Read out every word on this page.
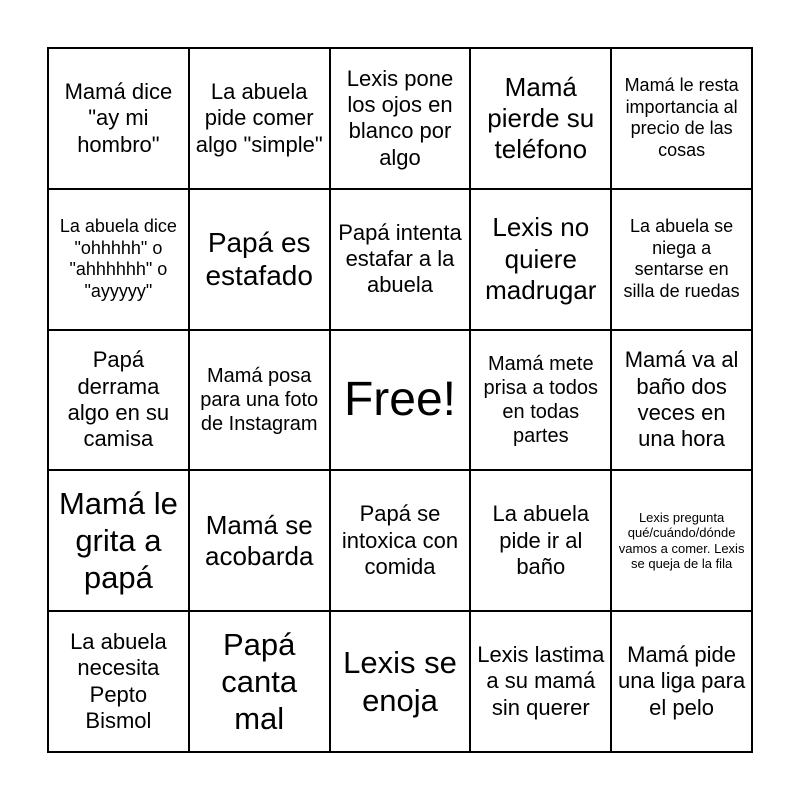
Mamá dice "ay mi hombro"
La abuela pide comer algo "simple"
Lexis pone los ojos en blanco por algo
Mamá pierde su teléfono
Mamá le resta importancia al precio de las cosas
La abuela dice "ohhhhh" o "ahhhhhh" o "ayyyyy"
Papá es estafado
Papá intenta estafar a la abuela
Lexis no quiere madrugar
La abuela se niega a sentarse en silla de ruedas
Papá derrama algo en su camisa
Mamá posa para una foto de Instagram Free!
Mamá mete prisa a todos en todas partes
Mamá va al baño dos veces en una hora
Mamá le grita a papá
Mamá se acobarda
Papá se intoxica con comida
La abuela pide ir al baño
Lexis pregunta qué/cuándo/dónde vamos a comer. Lexis se queja de la fila
La abuela necesita Pepto Bismol
Papá canta mal
Lexis se enoja
Lexis lastima a su mamá sin querer
Mamá pide una liga para el pelo
